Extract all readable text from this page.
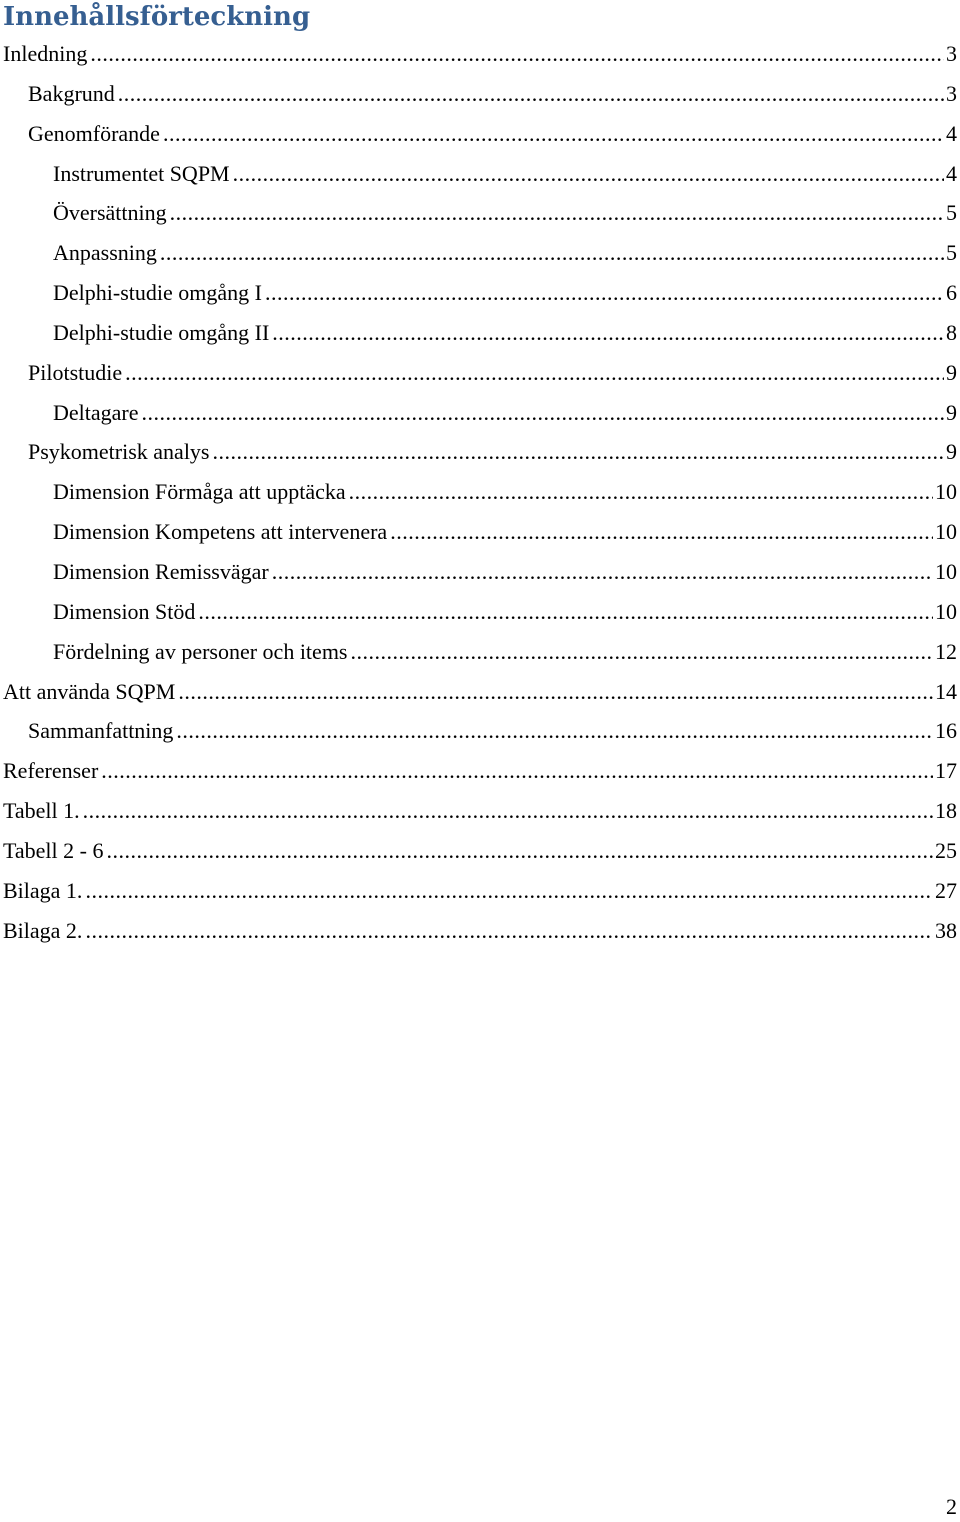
Innehållsförteckning
Inledning .....	3
Bakgrund .....	3
Genomförande .....	4
Instrumentet SQPM .....	4
Översättning .....	5
Anpassning .....	5
Delphi-studie omgång I .....	6
Delphi-studie omgång II .....	8
Pilotstudie .....	9
Deltagare .....	9
Psykometrisk analys .....	9
Dimension Förmåga att upptäcka .....	10
Dimension Kompetens att intervenera .....	10
Dimension Remissvägar .....	10
Dimension Stöd .....	10
Fördelning av personer och items .....	12
Att använda SQPM .....	14
Sammanfattning .....	16
Referenser .....	17
Tabell 1. .....	18
Tabell 2 - 6 .....	25
Bilaga 1. .....	27
Bilaga 2. .....	38
2
